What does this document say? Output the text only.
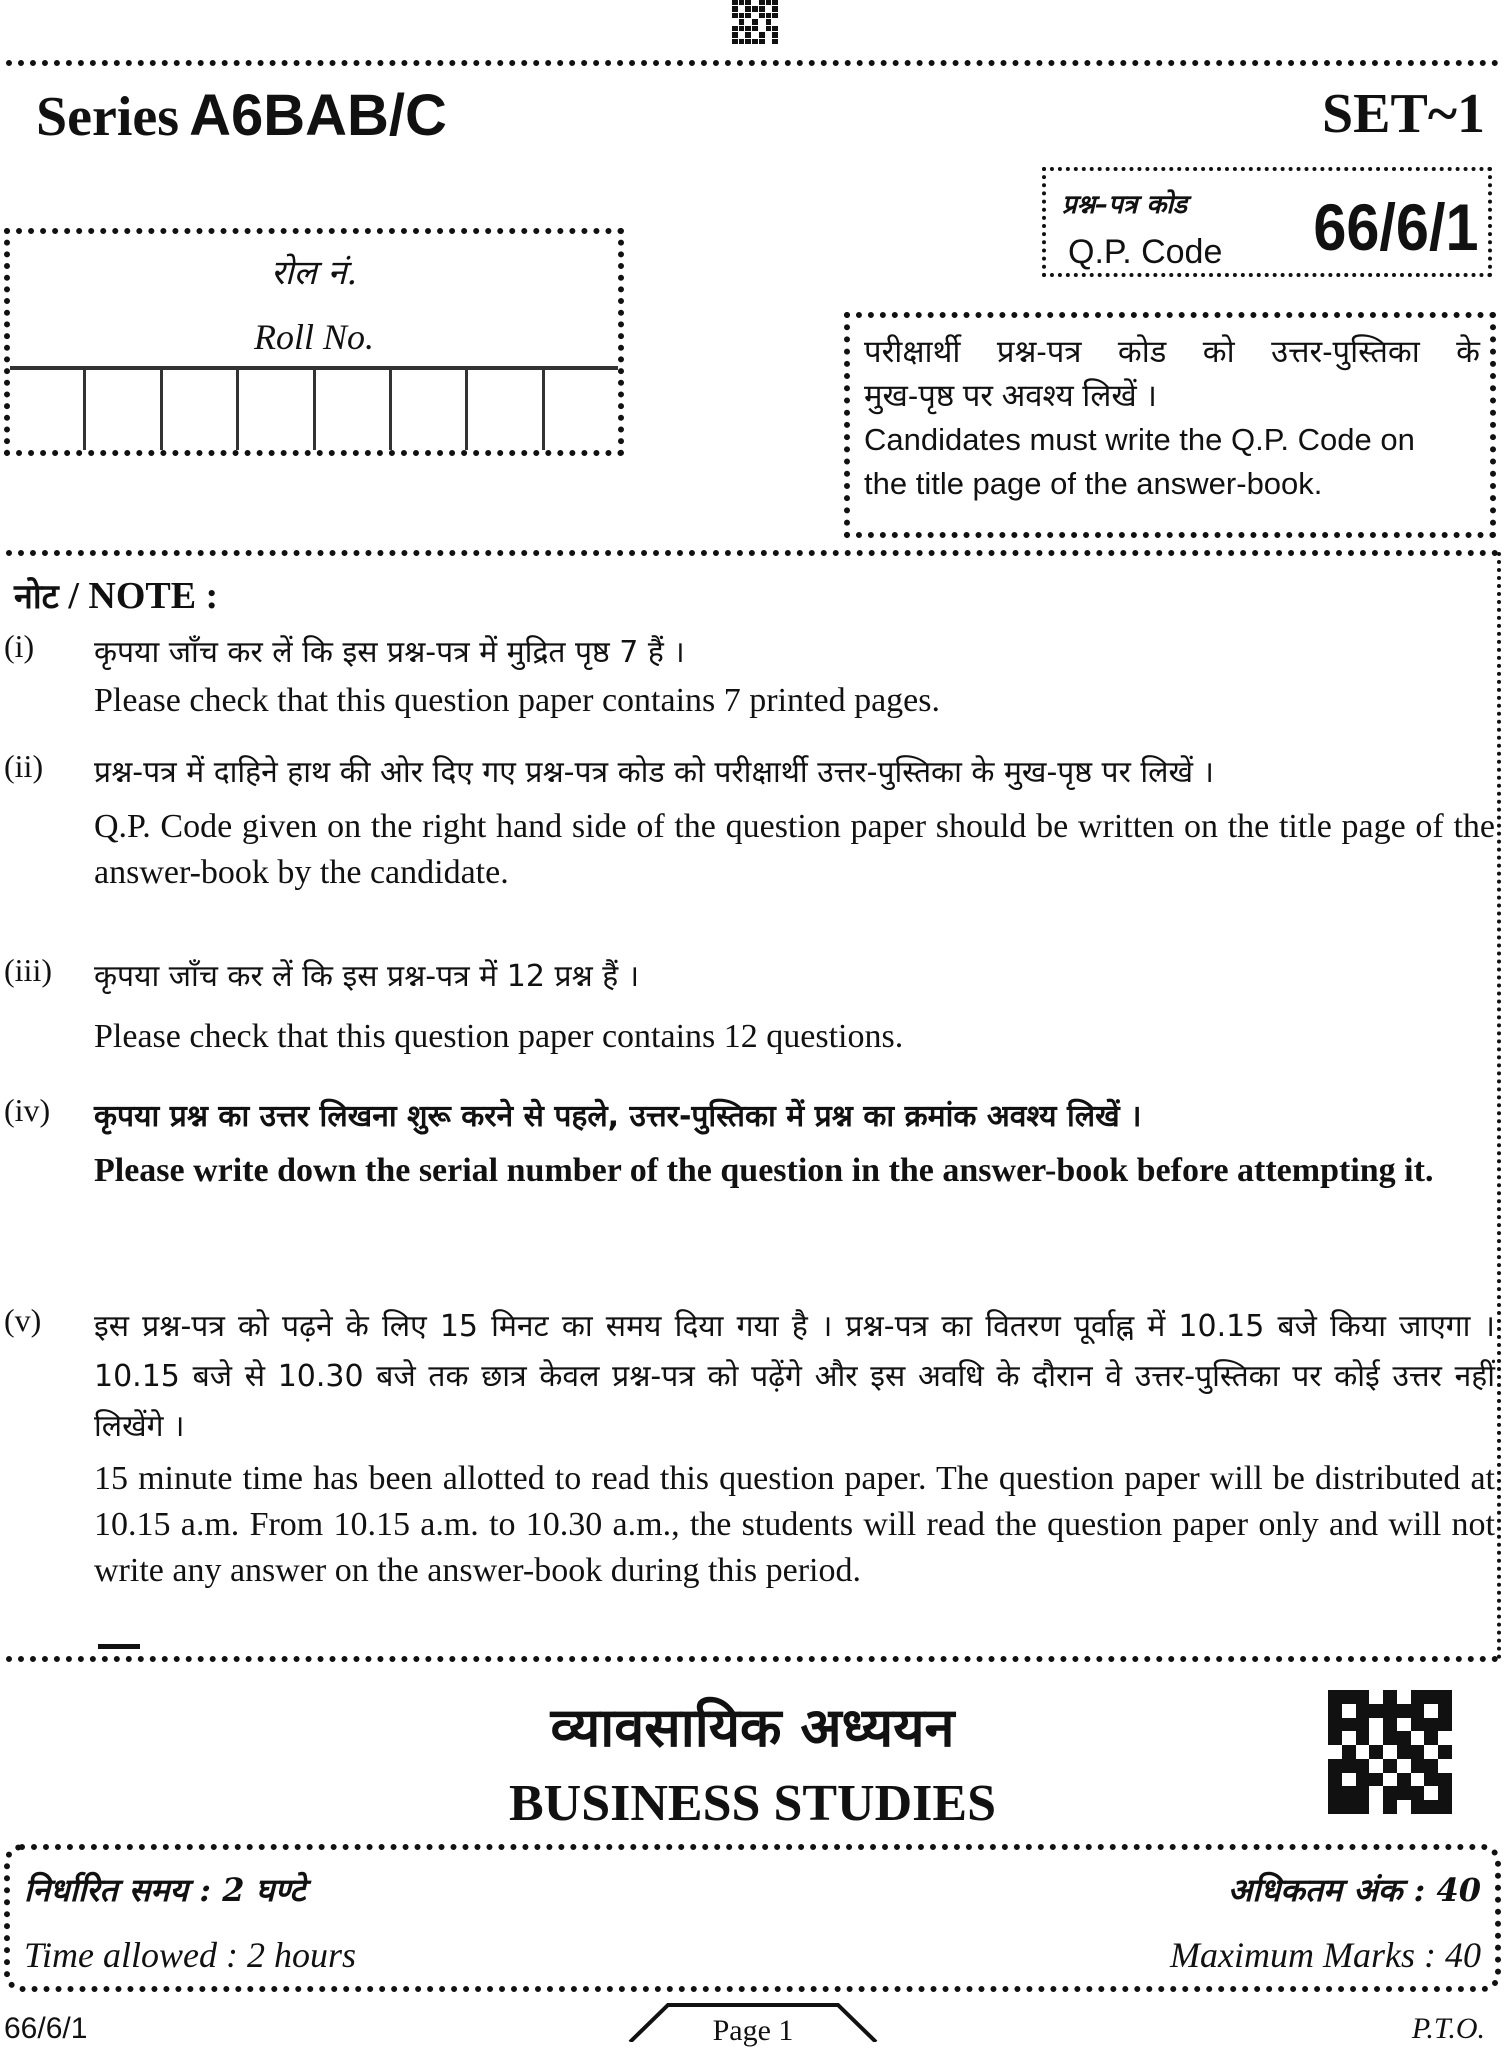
Series A6BAB/C	SET~1
प्रश्न–पत्र कोड
Q.P. Code 66/6/1
रोल नं.
Roll No.	परीक्षार्थी प्रश्न-पत्र कोड को उत्तर-पुस्तिका के

मुख-पृष्ठ पर अवश्य लिखें ।

Candidates must write the Q.P. Code on

the title page of the answer-book.

नोट / NOTE :
(i) कृपया जाँच कर लें कि इस प्रश्न-पत्र में मुद्रित पृष्ठ 7 हैं ।

Please check that this question paper contains 7 printed pages.

(ii) प्रश्न-पत्र में दाहिने हाथ की ओर दिए गए प्रश्न-पत्र कोड को परीक्षार्थी उत्तर-पुस्तिका के मुख-पृष्ठ पर लिखें ।

Q.P. Code given on the right hand side of the question paper should be written on the title page of the answer-book by the candidate.

(iii) कृपया जाँच कर लें कि इस प्रश्न-पत्र में 12 प्रश्न हैं ।

Please check that this question paper contains 12 questions.

(iv) कृपया प्रश्न का उत्तर लिखना शुरू करने से पहले, उत्तर-पुस्तिका में प्रश्न का क्रमांक अवश्य लिखें ।

Please write down the serial number of the question in the answer-book before attempting it.

(v) इस प्रश्न-पत्र को पढ़ने के लिए 15 मिनट का समय दिया गया है । प्रश्न-पत्र का वितरण पूर्वाह्न में 10.15 बजे किया जाएगा । 10.15 बजे से 10.30 बजे तक छात्र केवल प्रश्न-पत्र को पढ़ेंगे और इस अवधि के दौरान वे उत्तर-पुस्तिका पर कोई उत्तर नहीं लिखेंगे ।

15 minute time has been allotted to read this question paper. The question paper will be distributed at 10.15 a.m. From 10.15 a.m. to 10.30 a.m., the students will read the question paper only and will not write any answer on the answer-book during this period.

व्यावसायिक अध्ययन
BUSINESS STUDIES
निर्धारित समय : 2 घण्टे	अधिकतम अंक : 40
Time allowed : 2 hours	Maximum Marks : 40
66/6/1	Page 1	P.T.O.
